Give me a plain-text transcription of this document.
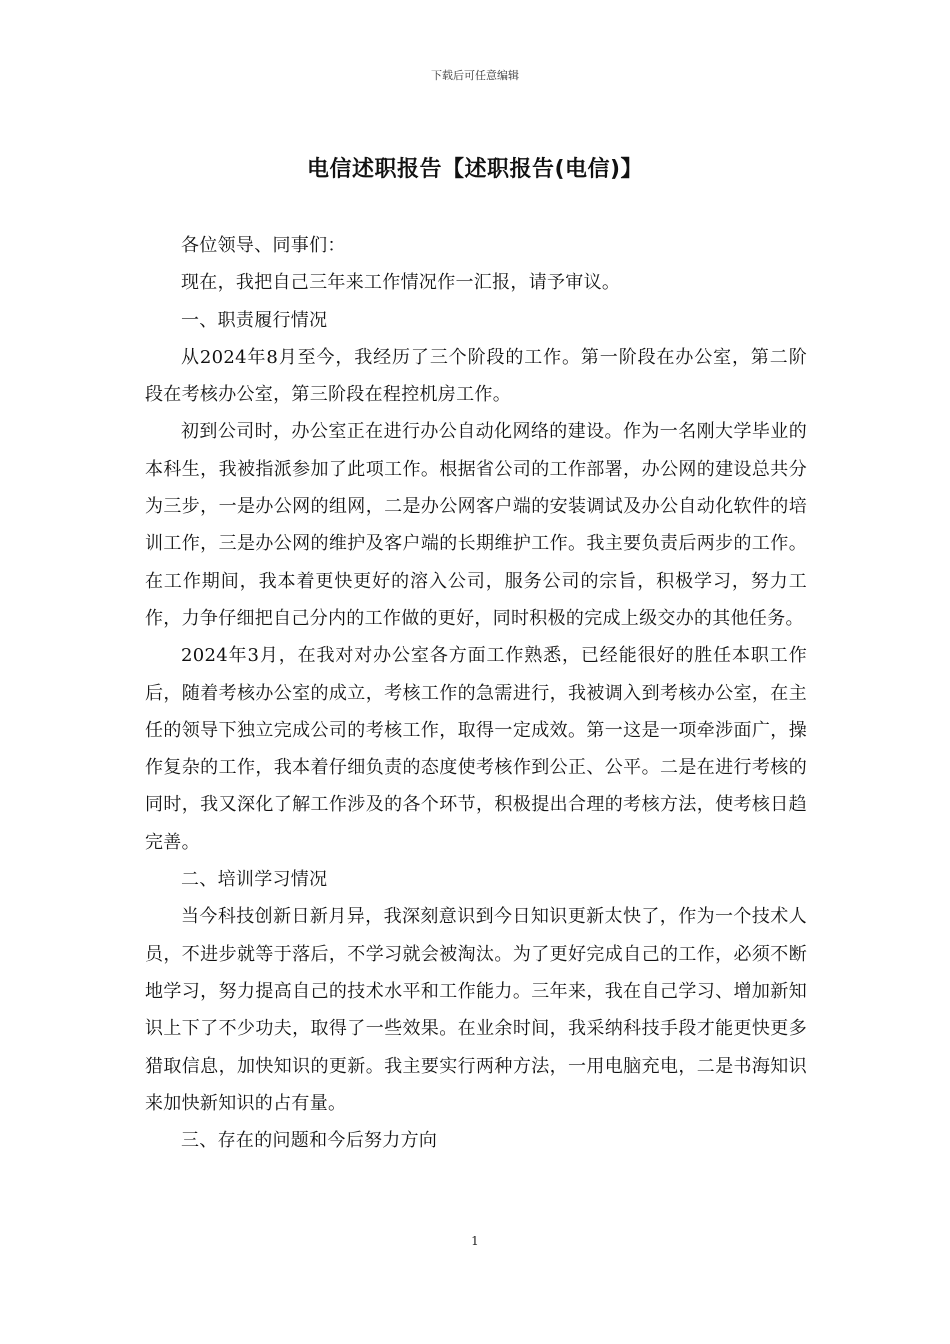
下载后可任意编辑
电信述职报告【述职报告(电信)】

各位领导、同事们：

现在，我把自己三年来工作情况作一汇报，请予审议。

一、职责履行情况

从2024年8月至今，我经历了三个阶段的工作。第一阶段在办公室，第二阶段在考核办公室，第三阶段在程控机房工作。

初到公司时，办公室正在进行办公自动化网络的建设。作为一名刚大学毕业的本科生，我被指派参加了此项工作。根据省公司的工作部署，办公网的建设总共分为三步，一是办公网的组网，二是办公网客户端的安装调试及办公自动化软件的培训工作，三是办公网的维护及客户端的长期维护工作。我主要负责后两步的工作。在工作期间，我本着更快更好的溶入公司，服务公司的宗旨，积极学习，努力工作，力争仔细把自己分内的工作做的更好，同时积极的完成上级交办的其他任务。

2024年3月，在我对对办公室各方面工作熟悉，已经能很好的胜任本职工作后，随着考核办公室的成立，考核工作的急需进行，我被调入到考核办公室，在主任的领导下独立完成公司的考核工作，取得一定成效。第一这是一项牵涉面广，操作复杂的工作，我本着仔细负责的态度使考核作到公正、公平。二是在进行考核的同时，我又深化了解工作涉及的各个环节，积极提出合理的考核方法，使考核日趋完善。

二、培训学习情况

当今科技创新日新月异，我深刻意识到今日知识更新太快了，作为一个技术人员，不进步就等于落后，不学习就会被淘汰。为了更好完成自己的工作，必须不断地学习，努力提高自己的技术水平和工作能力。三年来，我在自己学习、增加新知识上下了不少功夫，取得了一些效果。在业余时间，我采纳科技手段才能更快更多猎取信息，加快知识的更新。我主要实行两种方法，一用电脑充电，二是书海知识来加快新知识的占有量。

三、存在的问题和今后努力方向

1
